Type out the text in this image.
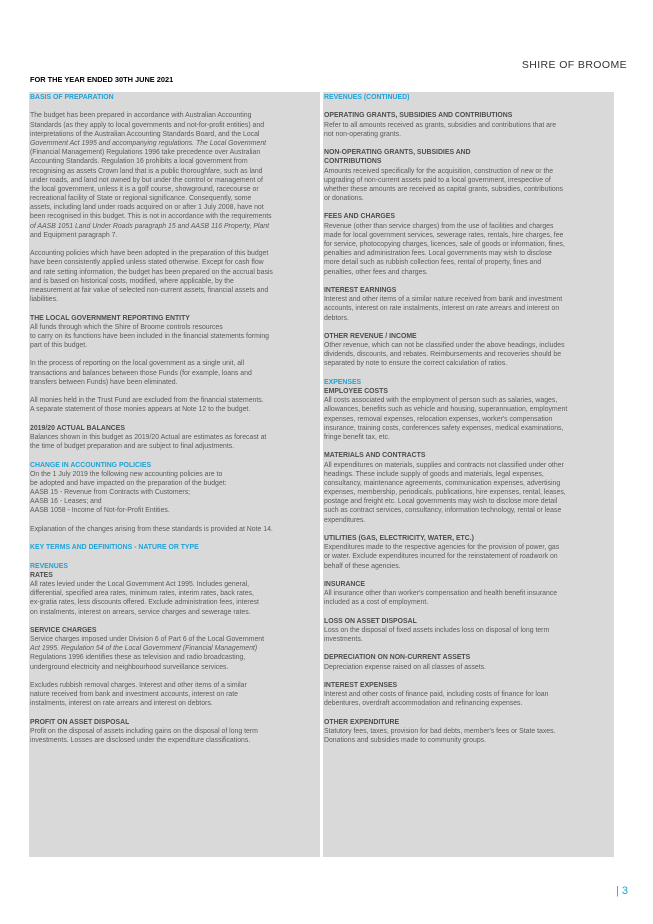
SHIRE OF BROOME
FOR THE YEAR ENDED 30TH JUNE 2021
BASIS OF PREPARATION
The budget has been prepared in accordance with Australian Accounting
Standards (as they apply to local governments and not-for-profit entities) and
interpretations of the Australian Accounting Standards Board, and the Local
Government Act 1995 and accompanying regulations. The Local Government
(Financial Management) Regulations 1996 take precedence over Australian
Accounting Standards. Regulation 16 prohibits a local government from
recognising as assets Crown land that is a public thoroughfare, such as land
under roads, and land not owned by but under the control or management of
the local government, unless it is a golf course, showground, racecourse or
recreational facility of State or regional significance. Consequently, some
assets, including land under roads acquired on or after 1 July 2008, have not
been recognised in this budget. This is not in accordance with the requirements
of AASB 1051 Land Under Roads paragraph 15 and AASB 116 Property, Plant
and Equipment paragraph 7.
Accounting policies which have been adopted in the preparation of this budget
have been consistently applied unless stated otherwise. Except for cash flow
and rate setting information, the budget has been prepared on the accrual basis
and is based on historical costs, modified, where applicable, by the
measurement at fair value of selected non-current assets, financial assets and
liabilities.
THE LOCAL GOVERNMENT REPORTING ENTITY
All funds through which the Shire of Broome controls resources
to carry on its functions have been included in the financial statements forming
part of this budget.
In the process of reporting on the local government as a single unit, all
transactions and balances between those Funds (for example, loans and
transfers between Funds) have been eliminated.
All monies held in the Trust Fund are excluded from the financial statements.
A separate statement of those monies appears at Note 12 to the budget.
2019/20 ACTUAL BALANCES
Balances shown in this budget as 2019/20 Actual are estimates as forecast at
the time of budget preparation and are subject to final adjustments.
CHANGE IN ACCOUNTING POLICIES
On the 1 July 2019 the following new accounting policies are to
be adopted and have impacted on the preparation of the budget:
AASB 15 - Revenue from Contracts with Customers;
AASB 16 - Leases; and
AASB 1058 - Income of Not-for-Profit Entities.
Explanation of the changes arising from these standards is provided at Note 14.
KEY TERMS AND DEFINITIONS - NATURE OR TYPE
REVENUES
RATES
All rates levied under the Local Government Act 1995. Includes general,
differential, specified area rates, minimum rates, interim rates, back rates,
ex-gratia rates, less discounts offered. Exclude administration fees, interest
on instalments, interest on arrears, service charges and sewerage rates.
SERVICE CHARGES
Service charges imposed under Division 6 of Part 6 of the Local Government
Act 1995. Regulation 54 of the Local Government (Financial Management)
Regulations 1996 identifies these as television and radio broadcasting,
underground electricity and neighbourhood surveillance services.
Excludes rubbish removal charges. Interest and other items of a similar
nature received from bank and investment accounts, interest on rate
instalments, interest on rate arrears and interest on debtors.
PROFIT ON ASSET DISPOSAL
Profit on the disposal of assets including gains on the disposal of long term
investments. Losses are disclosed under the expenditure classifications.
REVENUES (CONTINUED)
OPERATING GRANTS, SUBSIDIES AND CONTRIBUTIONS
Refer to all amounts received as grants, subsidies and contributions that are
not non-operating grants.
NON-OPERATING GRANTS, SUBSIDIES AND
CONTRIBUTIONS
Amounts received specifically for the acquisition, construction of new or the
upgrading of non-current assets paid to a local government, irrespective of
whether these amounts are received as capital grants, subsidies, contributions
or donations.
FEES AND CHARGES
Revenue (other than service charges) from the use of facilities and charges
made for local government services, sewerage rates, rentals, hire charges, fee
for service, photocopying charges, licences, sale of goods or information, fines,
penalties and administration fees. Local governments may wish to disclose
more detail such as rubbish collection fees, rental of property, fines and
penalties, other fees and charges.
INTEREST EARNINGS
Interest and other items of a similar nature received from bank and investment
accounts, interest on rate instalments, interest on rate arrears and interest on
debtors.
OTHER REVENUE / INCOME
Other revenue, which can not be classified under the above headings, includes
dividends, discounts, and rebates. Reimbursements and recoveries should be
separated by note to ensure the correct calculation of ratios.
EXPENSES
EMPLOYEE COSTS
All costs associated with the employment of person such as salaries, wages,
allowances, benefits such as vehicle and housing, superannuation, employment
expenses, removal expenses, relocation expenses, worker's compensation
insurance, training costs, conferences safety expenses, medical examinations,
fringe benefit tax, etc.
MATERIALS AND CONTRACTS
All expenditures on materials, supplies and contracts not classified under other
headings. These include supply of goods and materials, legal expenses,
consultancy, maintenance agreements, communication expenses, advertising
expenses, membership, periodicals, publications, hire expenses, rental, leases,
postage and freight etc. Local governments may wish to disclose more detail
such as contract services, consultancy, information technology, rental or lease
expenditures.
UTILITIES (GAS, ELECTRICITY, WATER, ETC.)
Expenditures made to the respective agencies for the provision of power, gas
or water. Exclude expenditures incurred for the reinstatement of roadwork on
behalf of these agencies.
INSURANCE
All insurance other than worker's compensation and health benefit insurance
included as a cost of employment.
LOSS ON ASSET DISPOSAL
Loss on the disposal of fixed assets includes loss on disposal of long term
investments.
DEPRECIATION ON NON-CURRENT ASSETS
Depreciation expense raised on all classes of assets.
INTEREST EXPENSES
Interest and other costs of finance paid, including costs of finance for loan
debentures, overdraft accommodation and refinancing expenses.
OTHER EXPENDITURE
Statutory fees, taxes, provision for bad debts, member's fees or State taxes.
Donations and subsidies made to community groups.
| 3
